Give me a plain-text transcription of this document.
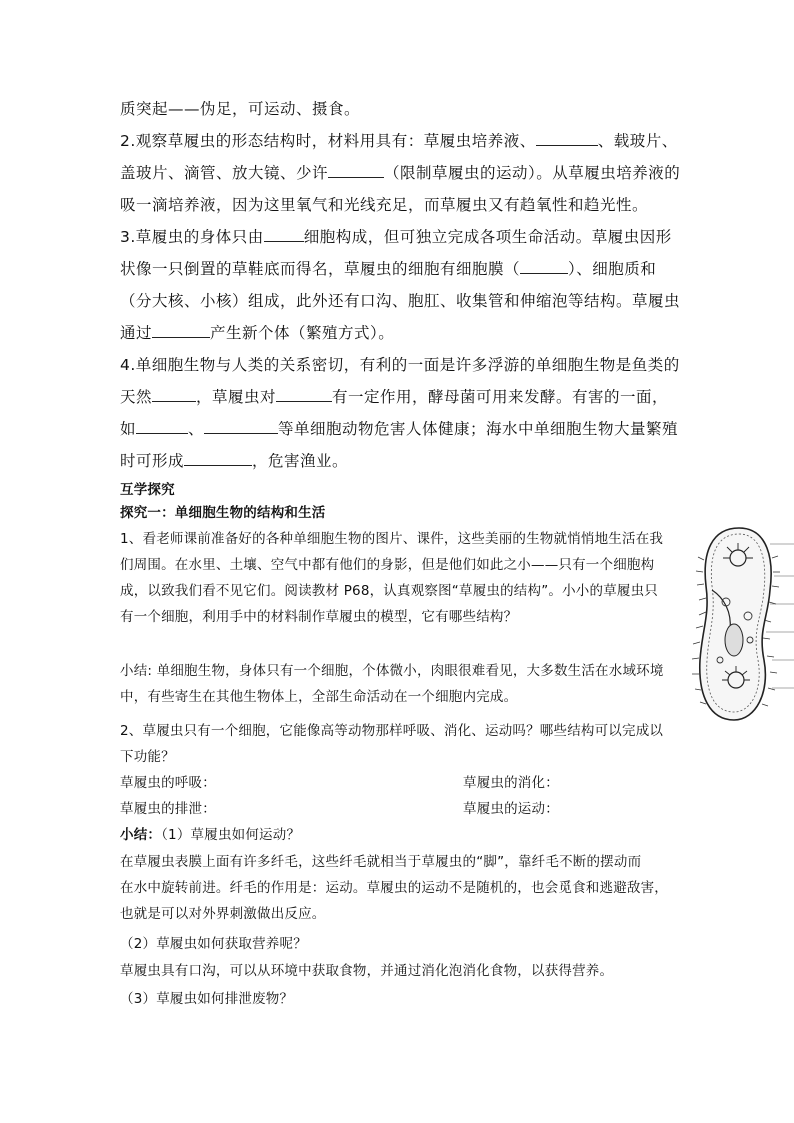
质突起——伪足，可运动、摄食。
2.观察草履虫的形态结构时，材料用具有：草履虫培养液、	、载玻片、
盖玻片、滴管、放大镜、少许	（限制草履虫的运动）。从草履虫培养液的
吸一滴培养液，因为这里氧气和光线充足，而草履虫又有趋氧性和趋光性。
3.草履虫的身体只由	细胞构成，但可独立完成各项生命活动。草履虫因形
状像一只倒置的草鞋底而得名，草履虫的细胞有细胞膜（	）、细胞质和
（分大核、小核）组成，此外还有口沟、胞肛、收集管和伸缩泡等结构。草履虫
通过	产生新个体（繁殖方式）。
4.单细胞生物与人类的关系密切，有利的一面是许多浮游的单细胞生物是鱼类的
天然	，草履虫对	有一定作用，酵母菌可用来发酵。有害的一面，
如	、	等单细胞动物危害人体健康；海水中单细胞生物大量繁殖
时可形成	，危害渔业。
互学探究
探究一：单细胞生物的结构和生活
1、看老师课前准备好的各种单细胞生物的图片、课件，这些美丽的生物就悄悄地生活在我
们周围。在水里、土壤、空气中都有他们的身影，但是他们如此之小——只有一个细胞构
成，以致我们看不见它们。阅读教材 P68，认真观察图“草履虫的结构”。小小的草履虫只
有一个细胞，利用手中的材料制作草履虫的模型，它有哪些结构？
小结: 单细胞生物，身体只有一个细胞，个体微小，肉眼很难看见，大多数生活在水域环境
中，有些寄生在其他生物体上，全部生命活动在一个细胞内完成。
2、草履虫只有一个细胞，它能像高等动物那样呼吸、消化、运动吗？哪些结构可以完成以
下功能？
草履虫的呼吸：	草履虫的消化：
草履虫的排泄：	草履虫的运动：
小结：（1）草履虫如何运动？
在草履虫表膜上面有许多纤毛，这些纤毛就相当于草履虫的“脚”，靠纤毛不断的摆动而
在水中旋转前进。纤毛的作用是：运动。草履虫的运动不是随机的，也会觅食和逃避敌害，
也就是可以对外界刺激做出反应。
（2）草履虫如何获取营养呢？
草履虫具有口沟，可以从环境中获取食物，并通过消化泡消化食物，以获得营养。
（3）草履虫如何排泄废物？
